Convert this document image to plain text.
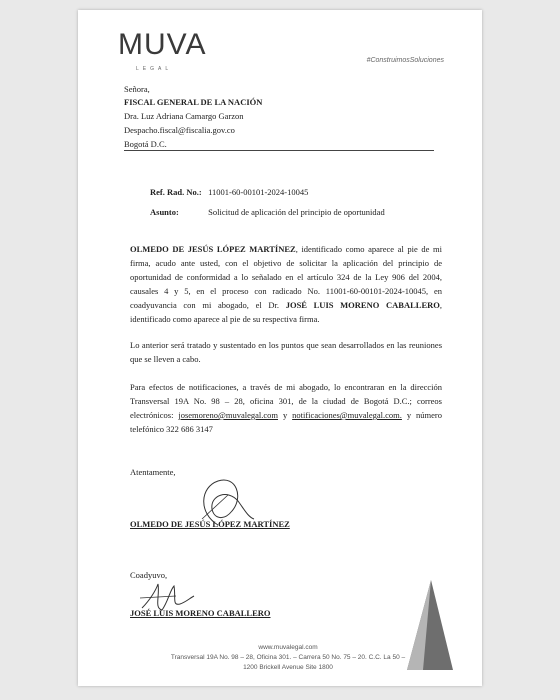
MUVA
LEGAL
#ConstruimosSoluciones
Señora,
FISCAL GENERAL DE LA NACIÓN
Dra. Luz Adriana Camargo Garzon
Despacho.fiscal@fiscalia.gov.co
Bogotá D.C.
Ref. Rad. No.: 11001-60-00101-2024-10045
Asunto:	Solicitud de aplicación del principio de oportunidad
OLMEDO DE JESÚS LÓPEZ MARTÍNEZ, identificado como aparece al pie de mi firma, acudo ante usted, con el objetivo de solicitar la aplicación del principio de oportunidad de conformidad a lo señalado en el artículo 324 de la Ley 906 del 2004, causales 4 y 5, en el proceso con radicado No. 11001-60-00101-2024-10045, en coadyuvancia con mi abogado, el Dr. JOSÉ LUIS MORENO CABALLERO, identificado como aparece al pie de su respectiva firma.
Lo anterior será tratado y sustentado en los puntos que sean desarrollados en las reuniones que se lleven a cabo.
Para efectos de notificaciones, a través de mi abogado, lo encontraran en la dirección Transversal 19A No. 98 – 28, oficina 301, de la ciudad de Bogotá D.C.; correos electrónicos: josemoreno@muvalegal.com y notificaciones@muvalegal.com. y número telefónico 322 686 3147
Atentamente,
OLMEDO DE JESÚS LÓPEZ MARTÍNEZ
Coadyuvo,
JOSÉ LUIS MORENO CABALLERO
www.muvalegal.com
Transversal 19A No. 98 – 28, Oficina 301. – Carrera 50 No. 75 – 20. C.C. La 50 –
1200 Brickell Avenue Site 1800
